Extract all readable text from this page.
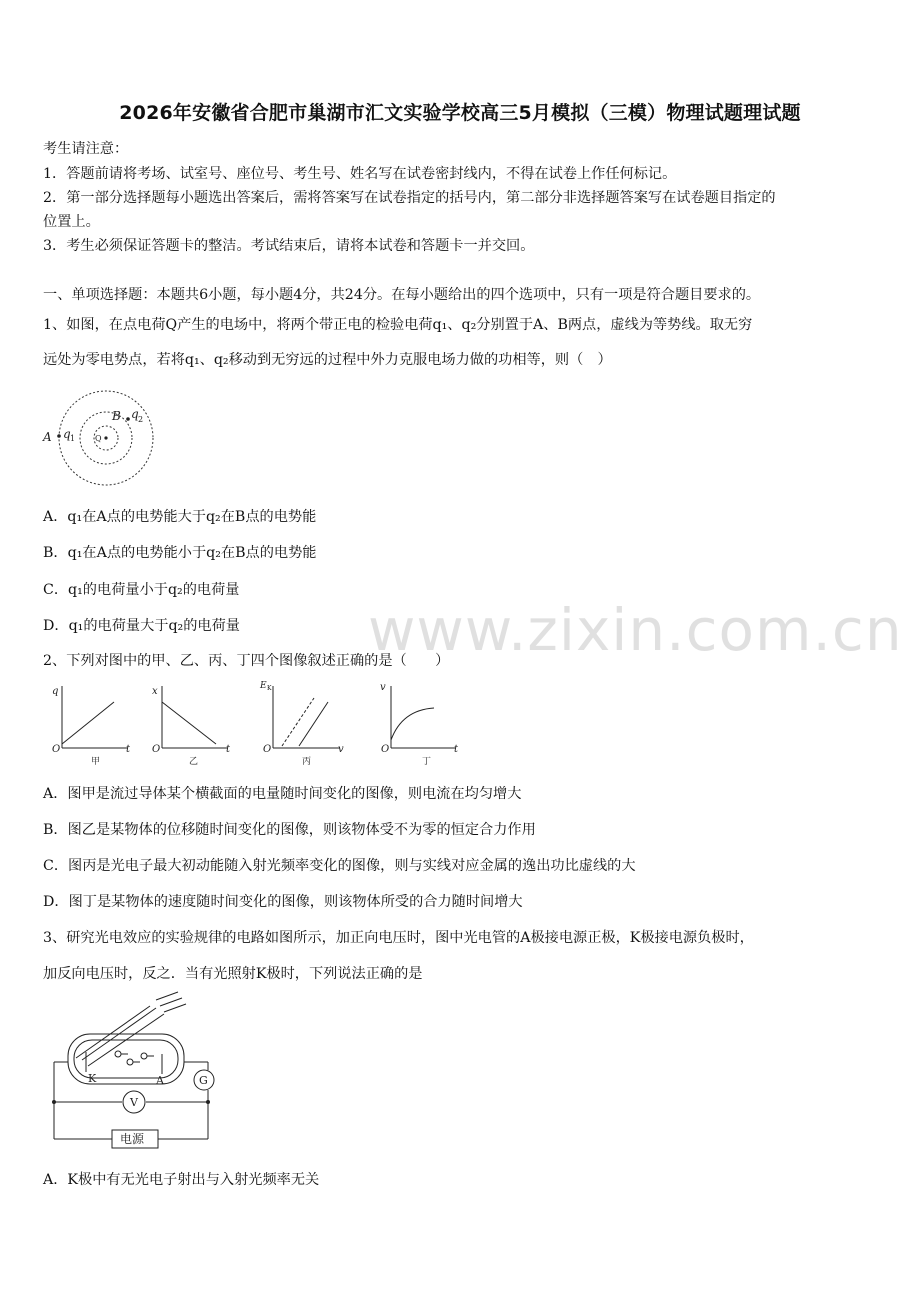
2026年安徽省合肥市巢湖市汇文实验学校高三5月模拟（三模）物理试题理试题
考生请注意：
1．答题前请将考场、试室号、座位号、考生号、姓名写在试卷密封线内，不得在试卷上作任何标记。
2．第一部分选择题每小题选出答案后，需将答案写在试卷指定的括号内，第二部分非选择题答案写在试卷题目指定的
位置上。
3．考生必须保证答题卡的整洁。考试结束后，请将本试卷和答题卡一并交回。
一、单项选择题：本题共6小题，每小题4分，共24分。在每小题给出的四个选项中，只有一项是符合题目要求的。
1、如图，在点电荷Q产生的电场中，将两个带正电的检验电荷q₁、q₂分别置于A、B两点，虚线为等势线。取无穷
远处为零电势点，若将q₁、q₂移动到无穷远的过程中外力克服电场力做的功相等，则（　）
A q 1 Q
B q 2
A．q₁在A点的电势能大于q₂在B点的电势能
B．q₁在A点的电势能小于q₂在B点的电势能
C．q₁的电荷量小于q₂的电荷量
D．q₁的电荷量大于q₂的电荷量 www.zixin.com.cn
2、下列对图中的甲、乙、丙、丁四个图像叙述正确的是（　　）
q
O	t
甲
x
O	t
乙
E K
O	v
丙
v
O	t
丁
A．图甲是流过导体某个横截面的电量随时间变化的图像，则电流在均匀增大
B．图乙是某物体的位移随时间变化的图像，则该物体受不为零的恒定合力作用
C．图丙是光电子最大初动能随入射光频率变化的图像，则与实线对应金属的逸出功比虚线的大
D．图丁是某物体的速度随时间变化的图像，则该物体所受的合力随时间增大
3、研究光电效应的实验规律的电路如图所示，加正向电压时，图中光电管的A极接电源正极，K极接电源负极时，
加反向电压时，反之．当有光照射K极时，下列说法正确的是
K	A	G
V
电源
A．K极中有无光电子射出与入射光频率无关
